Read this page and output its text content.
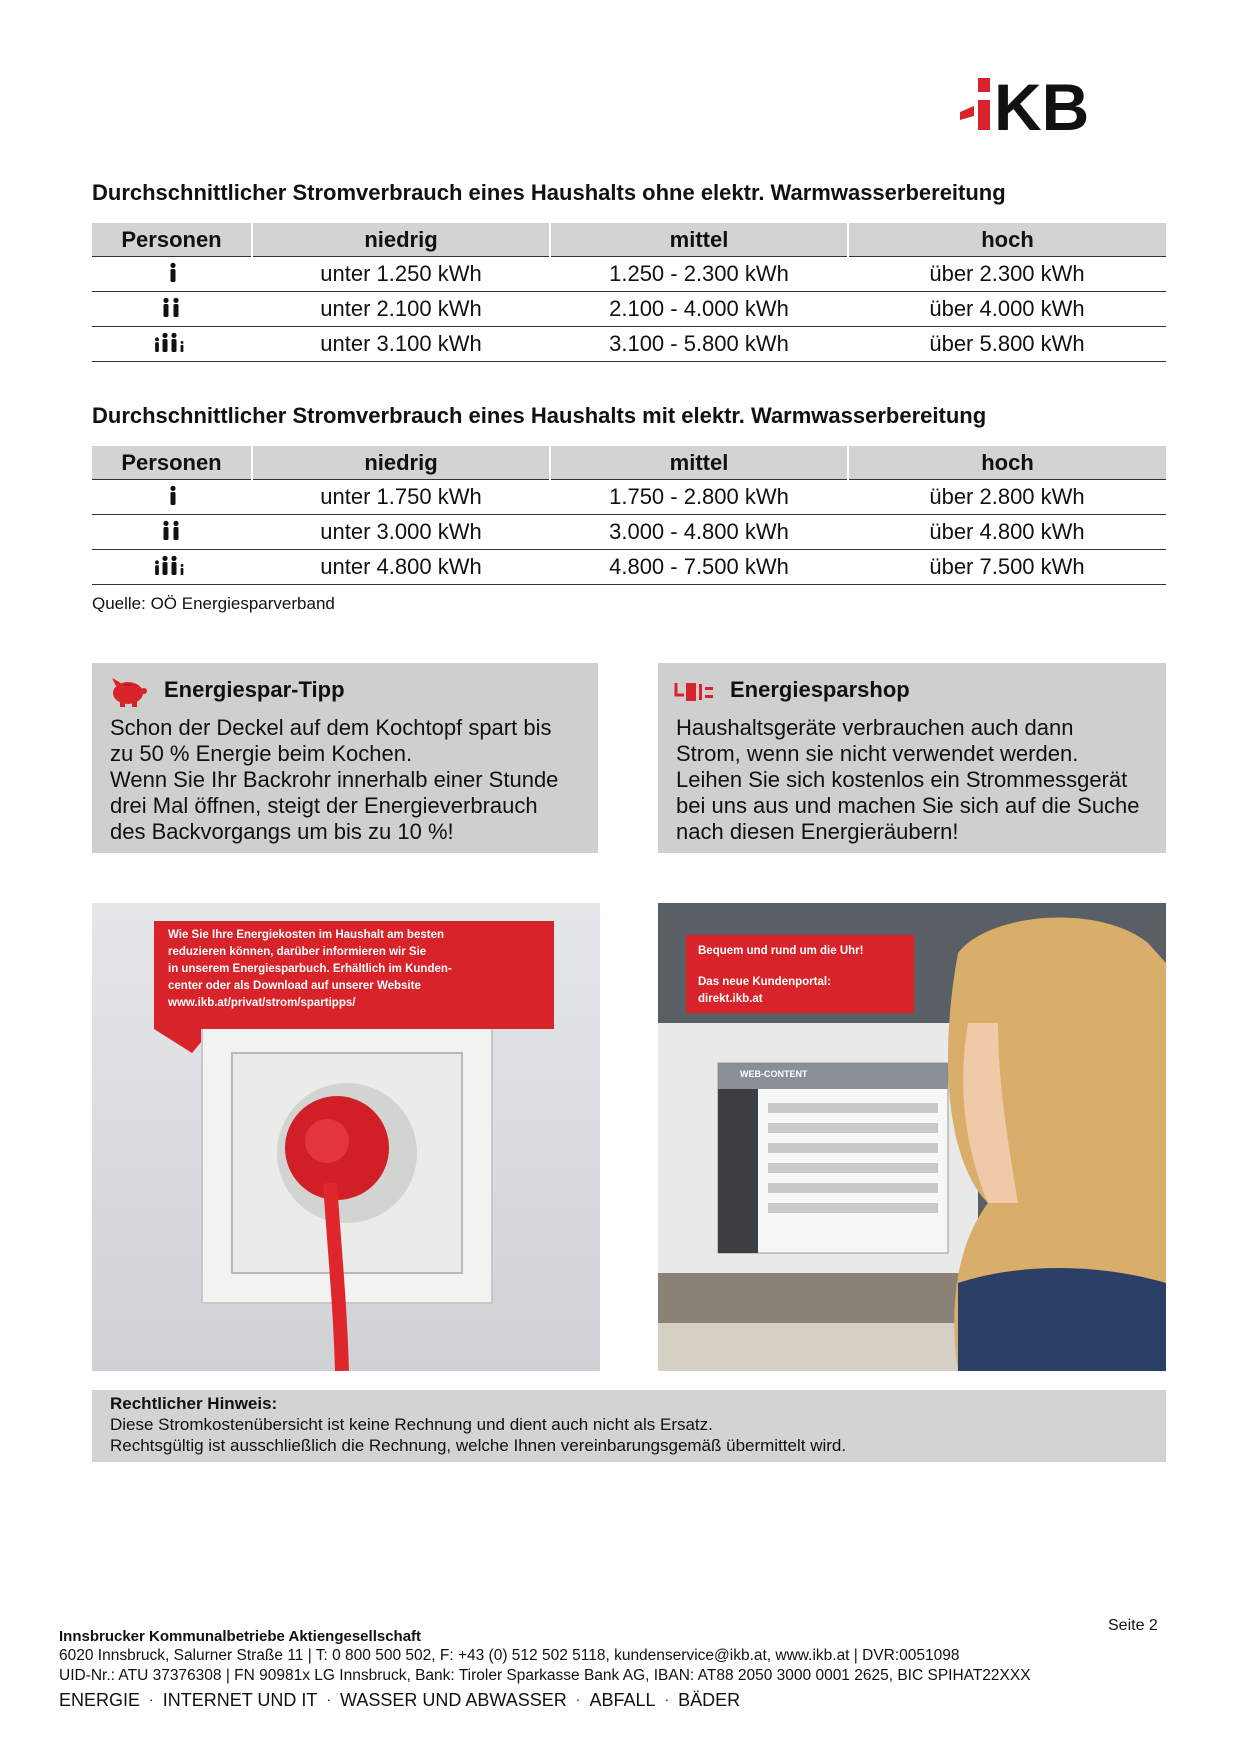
KB
Durchschnittlicher Stromverbrauch eines Haushalts ohne elektr. Warmwasserbereitung
Personen	niedrig	mittel	hoch
	unter 1.250 kWh	1.250 - 2.300 kWh	über 2.300 kWh
	unter 2.100 kWh	2.100 - 4.000 kWh	über 4.000 kWh
	unter 3.100 kWh	3.100 - 5.800 kWh	über 5.800 kWh
Durchschnittlicher Stromverbrauch eines Haushalts mit elektr. Warmwasserbereitung
Personen	niedrig	mittel	hoch
	unter 1.750 kWh	1.750 - 2.800 kWh	über 2.800 kWh
	unter 3.000 kWh	3.000 - 4.800 kWh	über 4.800 kWh
	unter 4.800 kWh	4.800 - 7.500 kWh	über 7.500 kWh
Quelle: OÖ Energiesparverband
Energiespar-Tipp

Schon der Deckel auf dem Kochtopf spart bis

zu 50 % Energie beim Kochen.

Wenn Sie Ihr Backrohr innerhalb einer Stunde

drei Mal öffnen, steigt der Energieverbrauch

des Backvorgangs um bis zu 10 %!

Energiesparshop

Haushaltsgeräte verbrauchen auch dann

Strom, wenn sie nicht verwendet werden.

Leihen Sie sich kostenlos ein Strommessgerät

bei uns aus und machen Sie sich auf die Suche

nach diesen Energieräubern!

Wie Sie Ihre Energiekosten im Haushalt am besten
reduzieren können, darüber informieren wir Sie
in unserem Energiesparbuch. Erhältlich im Kunden-
center oder als Download auf unserer Website
www.ikb.at/privat/strom/spartipps/
Bequem und rund um die Uhr!
Das neue Kundenportal:
direkt.ikb.at
WEB-CONTENT
Rechtlicher Hinweis:
Diese Stromkostenübersicht ist keine Rechnung und dient auch nicht als Ersatz.
Rechtsgültig ist ausschließlich die Rechnung, welche Ihnen vereinbarungsgemäß übermittelt wird.
Seite 2
Innsbrucker Kommunalbetriebe Aktiengesellschaft
6020 Innsbruck, Salurner Straße 11 | T: 0 800 500 502, F: +43 (0) 512 502 5118, kundenservice@ikb.at, www.ikb.at | DVR:0051098
UID-Nr.: ATU 37376308 | FN 90981x LG Innsbruck, Bank: Tiroler Sparkasse Bank AG, IBAN: AT88 2050 3000 0001 2625, BIC SPIHAT22XXX
ENERGIE · INTERNET UND IT · WASSER UND ABWASSER · ABFALL · BÄDER
